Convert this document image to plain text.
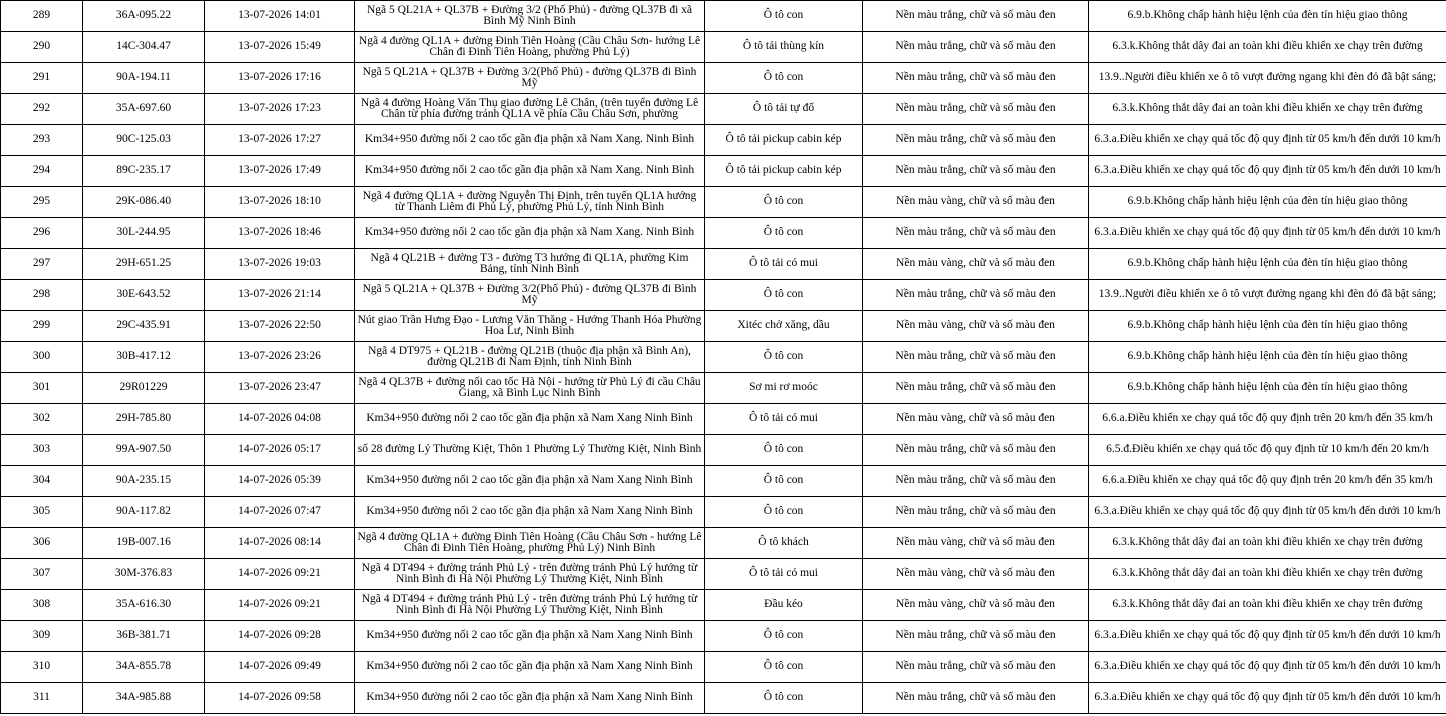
289	36A-095.22	13-07-2026 14:01	Ngã 5 QL21A + QL37B + Đường 3/2 (Phố Phủ) - đường QL37B đi xã Bình Mỹ Ninh Bình	Ô tô con	Nền màu trắng, chữ và số màu đen	6.9.b.Không chấp hành hiệu lệnh của đèn tín hiệu giao thông
290	14C-304.47	13-07-2026 15:49	Ngã 4 đường QL1A + đường Đinh Tiên Hoàng (Cầu Châu Sơn- hướng Lê Chân đi Đinh Tiên Hoàng, phường Phủ Lý)	Ô tô tải thùng kín	Nền màu trắng, chữ và số màu đen	6.3.k.Không thắt dây đai an toàn khi điều khiển xe chạy trên đường
291	90A-194.11	13-07-2026 17:16	Ngã 5 QL21A + QL37B + Đường 3/2(Phố Phủ) - đường QL37B đi Bình Mỹ	Ô tô con	Nền màu trắng, chữ và số màu đen	13.9..Người điều khiển xe ô tô vượt đường ngang khi đèn đỏ đã bật sáng;
292	35A-697.60	13-07-2026 17:23	Ngã 4 đường Hoàng Văn Thụ giao đường Lê Chân, (trên tuyến đường Lê Chân từ phía đường tránh QL1A về phía Cầu Châu Sơn, phường	Ô tô tải tự đổ	Nền màu trắng, chữ và số màu đen	6.3.k.Không thắt dây đai an toàn khi điều khiển xe chạy trên đường
293	90C-125.03	13-07-2026 17:27	Km34+950 đường nối 2 cao tốc gần địa phận xã Nam Xang. Ninh Bình	Ô tô tải pickup cabin kép	Nền màu trắng, chữ và số màu đen	6.3.a.Điều khiển xe chạy quá tốc độ quy định từ 05 km/h đến dưới 10 km/h
294	89C-235.17	13-07-2026 17:49	Km34+950 đường nối 2 cao tốc gần địa phận xã Nam Xang. Ninh Bình	Ô tô tải pickup cabin kép	Nền màu trắng, chữ và số màu đen	6.3.a.Điều khiển xe chạy quá tốc độ quy định từ 05 km/h đến dưới 10 km/h
295	29K-086.40	13-07-2026 18:10	Ngã 4 đường QL1A + đường Nguyễn Thị Định, trên tuyến QL1A hướng từ Thanh Liêm đi Phủ Lý, phường Phủ Lý, tỉnh Ninh Bình	Ô tô con	Nền màu vàng, chữ và số màu đen	6.9.b.Không chấp hành hiệu lệnh của đèn tín hiệu giao thông
296	30L-244.95	13-07-2026 18:46	Km34+950 đường nối 2 cao tốc gần địa phận xã Nam Xang. Ninh Bình	Ô tô con	Nền màu trắng, chữ và số màu đen	6.3.a.Điều khiển xe chạy quá tốc độ quy định từ 05 km/h đến dưới 10 km/h
297	29H-651.25	13-07-2026 19:03	Ngã 4 QL21B + đường T3 - đường T3 hướng đi QL1A, phường Kim Bảng, tỉnh Ninh Bình	Ô tô tải có mui	Nền màu vàng, chữ và số màu đen	6.9.b.Không chấp hành hiệu lệnh của đèn tín hiệu giao thông
298	30E-643.52	13-07-2026 21:14	Ngã 5 QL21A + QL37B + Đường 3/2(Phố Phủ) - đường QL37B đi Bình Mỹ	Ô tô con	Nền màu trắng, chữ và số màu đen	13.9..Người điều khiển xe ô tô vượt đường ngang khi đèn đỏ đã bật sáng;
299	29C-435.91	13-07-2026 22:50	Nút giao Trần Hưng Đạo - Lương Văn Thăng - Hướng Thanh Hóa Phường Hoa Lư, Ninh Bình	Xitéc chở xăng, dầu	Nền màu vàng, chữ và số màu đen	6.9.b.Không chấp hành hiệu lệnh của đèn tín hiệu giao thông
300	30B-417.12	13-07-2026 23:26	Ngã 4 DT975 + QL21B - đường QL21B (thuộc địa phận xã Bình An), đường QL21B đi Nam Định, tỉnh Ninh Bình	Ô tô con	Nền màu trắng, chữ và số màu đen	6.9.b.Không chấp hành hiệu lệnh của đèn tín hiệu giao thông
301	29R01229	13-07-2026 23:47	Ngã 4 QL37B + đường nối cao tốc Hà Nội - hướng từ Phủ Lý đi cầu Châu Giang, xã Bình Lục Ninh Bình	Sơ mi rơ moóc	Nền màu trắng, chữ và số màu đen	6.9.b.Không chấp hành hiệu lệnh của đèn tín hiệu giao thông
302	29H-785.80	14-07-2026 04:08	Km34+950 đường nối 2 cao tốc gần địa phận xã Nam Xang Ninh Bình	Ô tô tải có mui	Nền màu vàng, chữ và số màu đen	6.6.a.Điều khiển xe chạy quá tốc độ quy định trên 20 km/h đến 35 km/h
303	99A-907.50	14-07-2026 05:17	số 28 đường Lý Thường Kiệt, Thôn 1 Phường Lý Thường Kiệt, Ninh Bình	Ô tô con	Nền màu trắng, chữ và số màu đen	6.5.đ.Điều khiển xe chạy quá tốc độ quy định từ 10 km/h đến 20 km/h
304	90A-235.15	14-07-2026 05:39	Km34+950 đường nối 2 cao tốc gần địa phận xã Nam Xang Ninh Bình	Ô tô con	Nền màu trắng, chữ và số màu đen	6.6.a.Điều khiển xe chạy quá tốc độ quy định trên 20 km/h đến 35 km/h
305	90A-117.82	14-07-2026 07:47	Km34+950 đường nối 2 cao tốc gần địa phận xã Nam Xang Ninh Bình	Ô tô con	Nền màu trắng, chữ và số màu đen	6.3.a.Điều khiển xe chạy quá tốc độ quy định từ 05 km/h đến dưới 10 km/h
306	19B-007.16	14-07-2026 08:14	Ngã 4 đường QL1A + đường Đinh Tiên Hoàng (Cầu Châu Sơn - hướng Lê Chân đi Đinh Tiên Hoàng, phường Phủ Lý) Ninh Bình	Ô tô khách	Nền màu vàng, chữ và số màu đen	6.3.k.Không thắt dây đai an toàn khi điều khiển xe chạy trên đường
307	30M-376.83	14-07-2026 09:21	Ngã 4 DT494 + đường tránh Phủ Lý - trên đường tránh Phủ Lý hướng từ Ninh Bình đi Hà Nội Phường Lý Thường Kiệt, Ninh Bình	Ô tô tải có mui	Nền màu vàng, chữ và số màu đen	6.3.k.Không thắt dây đai an toàn khi điều khiển xe chạy trên đường
308	35A-616.30	14-07-2026 09:21	Ngã 4 DT494 + đường tránh Phủ Lý - trên đường tránh Phủ Lý hướng từ Ninh Bình đi Hà Nội Phường Lý Thường Kiệt, Ninh Bình	Đầu kéo	Nền màu vàng, chữ và số màu đen	6.3.k.Không thắt dây đai an toàn khi điều khiển xe chạy trên đường
309	36B-381.71	14-07-2026 09:28	Km34+950 đường nối 2 cao tốc gần địa phận xã Nam Xang Ninh Bình	Ô tô con	Nền màu trắng, chữ và số màu đen	6.3.a.Điều khiển xe chạy quá tốc độ quy định từ 05 km/h đến dưới 10 km/h
310	34A-855.78	14-07-2026 09:49	Km34+950 đường nối 2 cao tốc gần địa phận xã Nam Xang Ninh Bình	Ô tô con	Nền màu trắng, chữ và số màu đen	6.3.a.Điều khiển xe chạy quá tốc độ quy định từ 05 km/h đến dưới 10 km/h
311	34A-985.88	14-07-2026 09:58	Km34+950 đường nối 2 cao tốc gần địa phận xã Nam Xang Ninh Bình	Ô tô con	Nền màu trắng, chữ và số màu đen	6.3.a.Điều khiển xe chạy quá tốc độ quy định từ 05 km/h đến dưới 10 km/h
